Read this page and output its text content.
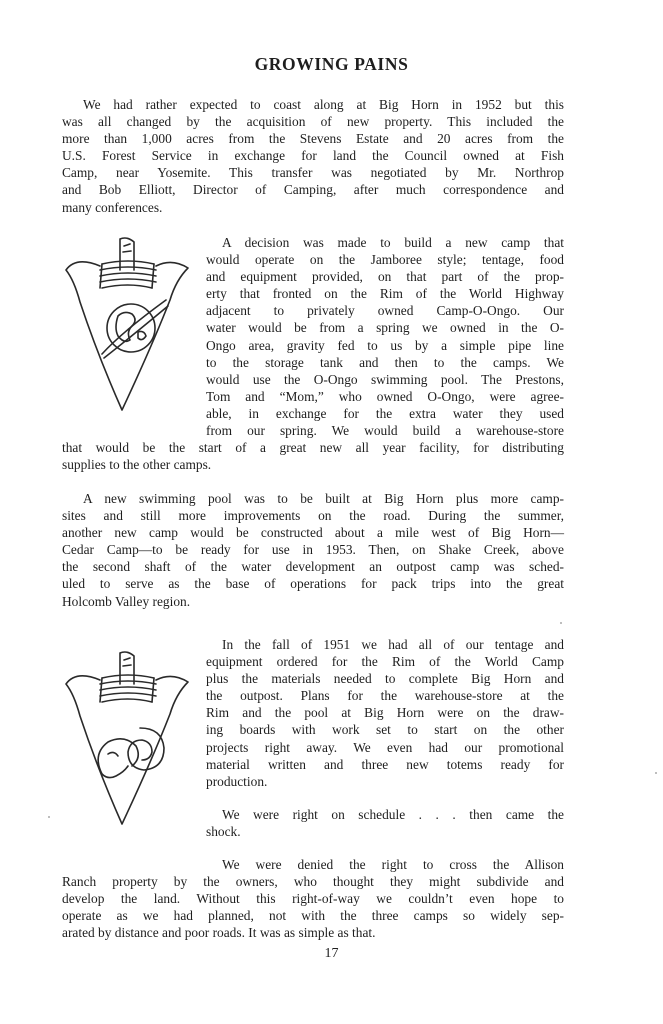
GROWING PAINS

We had rather expected to coast along at Big Horn in 1952 but this
was all changed by the acquisition of new property. This included the
more than 1,000 acres from the Stevens Estate and 20 acres from the
U.S. Forest Service in exchange for land the Council owned at Fish
Camp, near Yosemite. This transfer was negotiated by Mr. Northrop
and Bob Elliott, Director of Camping, after much correspondence and
many conferences.

A decision was made to build a new camp that
would operate on the Jamboree style; tentage, food
and equipment provided, on that part of the prop-
erty that fronted on the Rim of the World Highway
adjacent to privately owned Camp-O-Ongo. Our
water would be from a spring we owned in the O-
Ongo area, gravity fed to us by a simple pipe line
to the storage tank and then to the camps. We
would use the O-Ongo swimming pool. The Prestons,
Tom and “Mom,” who owned O-Ongo, were agree-
able, in exchange for the extra water they used
from our spring. We would build a warehouse-store
that would be the start of a great new all year facility, for distributing
supplies to the other camps.

A new swimming pool was to be built at Big Horn plus more camp-
sites and still more improvements on the road. During the summer,
another new camp would be constructed about a mile west of Big Horn—
Cedar Camp—to be ready for use in 1953. Then, on Shake Creek, above
the second shaft of the water development an outpost camp was sched-
uled to serve as the base of operations for pack trips into the great
Holcomb Valley region.

In the fall of 1951 we had all of our tentage and
equipment ordered for the Rim of the World Camp
plus the materials needed to complete Big Horn and
the outpost. Plans for the warehouse-store at the
Rim and the pool at Big Horn were on the draw-
ing boards with work set to start on the other
projects right away. We even had our promotional
material written and three new totems ready for
production.

We were right on schedule . . . then came the
shock.

We were denied the right to cross the Allison
Ranch property by the owners, who thought they might subdivide and
develop the land. Without this right-of-way we couldn’t even hope to
operate as we had planned, not with the three camps so widely sep-
arated by distance and poor roads. It was as simple as that.

17
